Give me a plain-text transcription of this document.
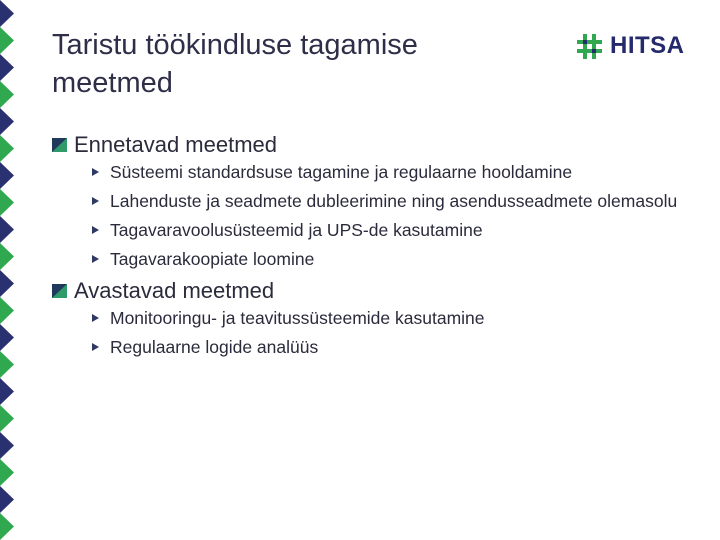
Taristu töökindluse tagamise meetmed
HITSA
Ennetavad meetmed
Süsteemi standardsuse tagamine ja regulaarne hooldamine
Lahenduste ja seadmete dubleerimine ning asendusseadmete olemasolu
Tagavaravoolusüsteemid ja UPS-de kasutamine
Tagavarakoopiate loomine
Avastavad meetmed
Monitooringu- ja teavitussüsteemide kasutamine
Regulaarne logide analüüs
